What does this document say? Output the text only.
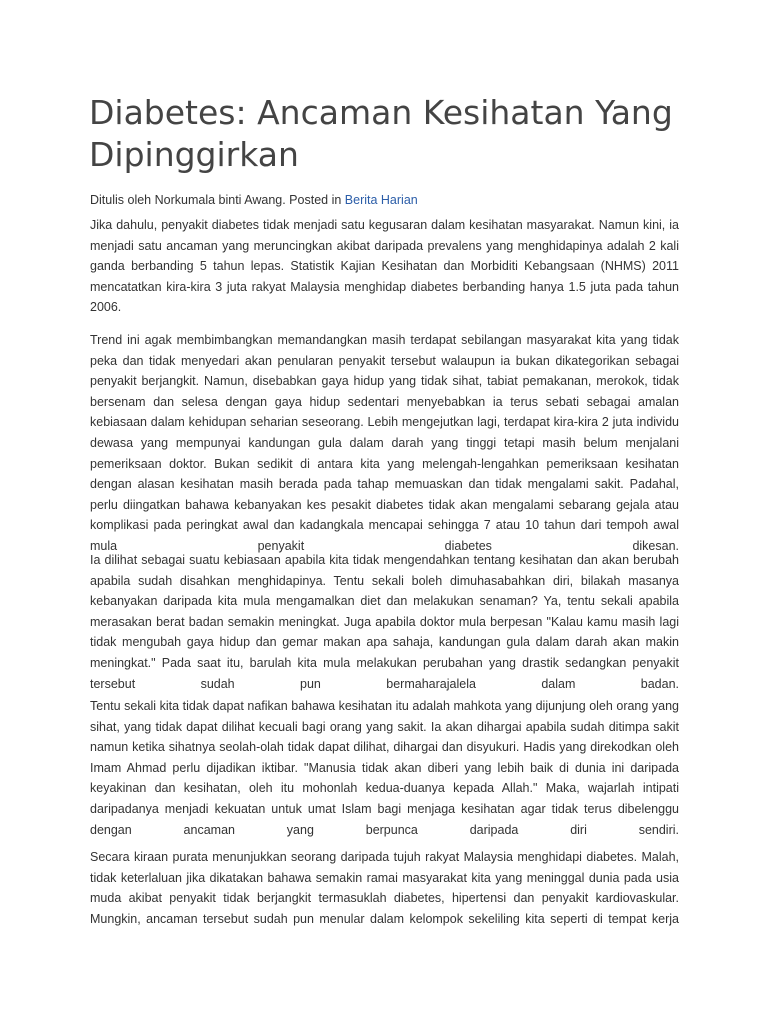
Diabetes: Ancaman Kesihatan Yang Dipinggirkan
Ditulis oleh Norkumala binti Awang. Posted in Berita Harian

Jika dahulu, penyakit diabetes tidak menjadi satu kegusaran dalam kesihatan masyarakat. Namun kini, ia menjadi satu ancaman yang meruncingkan akibat daripada prevalens yang menghidapinya adalah 2 kali ganda berbanding 5 tahun lepas. Statistik Kajian Kesihatan dan Morbiditi Kebangsaan (NHMS) 2011 mencatatkan kira-kira 3 juta rakyat Malaysia menghidap diabetes berbanding hanya 1.5 juta pada tahun 2006.

Trend ini agak membimbangkan memandangkan masih terdapat sebilangan masyarakat kita yang tidak peka dan tidak menyedari akan penularan penyakit tersebut walaupun ia bukan dikategorikan sebagai penyakit berjangkit. Namun, disebabkan gaya hidup yang tidak sihat, tabiat pemakanan, merokok, tidak bersenam dan selesa dengan gaya hidup sedentari menyebabkan ia terus sebati sebagai amalan kebiasaan dalam kehidupan seharian seseorang. Lebih mengejutkan lagi, terdapat kira-kira 2 juta individu dewasa yang mempunyai kandungan gula dalam darah yang tinggi tetapi masih belum menjalani pemeriksaan doktor. Bukan sedikit di antara kita yang melengah-lengahkan pemeriksaan kesihatan dengan alasan kesihatan masih berada pada tahap memuaskan dan tidak mengalami sakit. Padahal, perlu diingatkan bahawa kebanyakan kes pesakit diabetes tidak akan mengalami sebarang gejala atau komplikasi pada peringkat awal dan kadangkala mencapai sehingga 7 atau 10 tahun dari tempoh awal mula penyakit diabetes dikesan.

Ia dilihat sebagai suatu kebiasaan apabila kita tidak mengendahkan tentang kesihatan dan akan berubah apabila sudah disahkan menghidapinya. Tentu sekali boleh dimuhasabahkan diri, bilakah masanya kebanyakan daripada kita mula mengamalkan diet dan melakukan senaman? Ya, tentu sekali apabila merasakan berat badan semakin meningkat. Juga apabila doktor mula berpesan "Kalau kamu masih lagi tidak mengubah gaya hidup dan gemar makan apa sahaja, kandungan gula dalam darah akan makin meningkat." Pada saat itu, barulah kita mula melakukan perubahan yang drastik sedangkan penyakit tersebut sudah pun bermaharajalela dalam badan.

Tentu sekali kita tidak dapat nafikan bahawa kesihatan itu adalah mahkota yang dijunjung oleh orang yang sihat, yang tidak dapat dilihat kecuali bagi orang yang sakit. Ia akan dihargai apabila sudah ditimpa sakit namun ketika sihatnya seolah-olah tidak dapat dilihat, dihargai dan disyukuri. Hadis yang direkodkan oleh Imam Ahmad perlu dijadikan iktibar. "Manusia tidak akan diberi yang lebih baik di dunia ini daripada keyakinan dan kesihatan, oleh itu mohonlah kedua-duanya kepada Allah." Maka, wajarlah intipati daripadanya menjadi kekuatan untuk umat Islam bagi menjaga kesihatan agar tidak terus dibelenggu dengan ancaman yang berpunca daripada diri sendiri.

Secara kiraan purata menunjukkan seorang daripada tujuh rakyat Malaysia menghidapi diabetes. Malah, tidak keterlaluan jika dikatakan bahawa semakin ramai masyarakat kita yang meninggal dunia pada usia muda akibat penyakit tidak berjangkit termasuklah diabetes, hipertensi dan penyakit kardiovaskular. Mungkin, ancaman tersebut sudah pun menular dalam kelompok sekeliling kita seperti di tempat kerja
